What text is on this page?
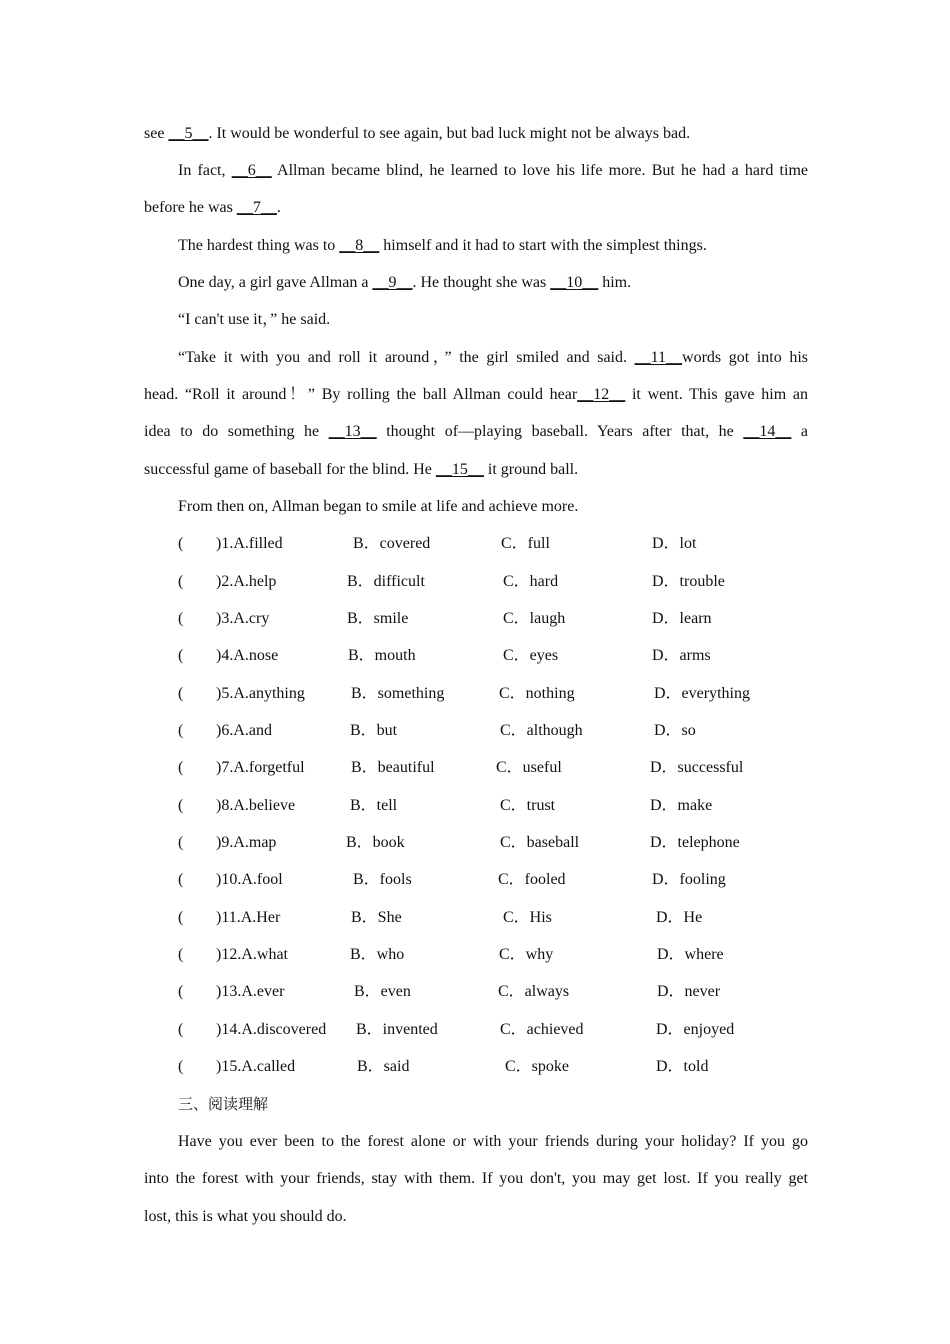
see __5__. It would be wonderful to see again, but bad luck might not be always bad.
In fact, __6__ Allman became blind, he learned to love his life more. But he had a hard time
before he was __7__.
The hardest thing was to __8__ himself and it had to start with the simplest things.
One day, a girl gave Allman a __9__. He thought she was __10__ him.
“I can't use it，” he said.
“Take it with you and roll it around，” the girl smiled and said. __11__words got into his
head. “Roll it around！” By rolling the ball Allman could hear__12__ it went. This gave him an
idea to do something he __13__ thought of—playing baseball. Years after that, he __14__ a
successful game of baseball for the blind. He __15__ it ground ball.
From then on, Allman began to smile at life and achieve more.
( )1.A.filled	B．covered	C．full	D．lot
( )2.A.help	B．difficult	C．hard	D．trouble
( )3.A.cry	B．smile	C．laugh	D．learn
( )4.A.nose	B．mouth	C．eyes	D．arms
( )5.A.anything	B．something	C．nothing	D．everything
( )6.A.and	B．but	C．although	D．so
( )7.A.forgetful	B．beautiful	C．useful	D．successful
( )8.A.believe	B．tell	C．trust	D．make
( )9.A.map	B．book	C．baseball	D．telephone
( )10.A.fool	B．fools	C．fooled	D．fooling
( )11.A.Her	B．She	C．His	D．He
( )12.A.what	B．who	C．why	D．where
( )13.A.ever	B．even	C．always	D．never
( )14.A.discovered B．invented	C．achieved	D．enjoyed
( )15.A.called	B．said	C．spoke	D．told
三、阅读理解
Have you ever been to the forest alone or with your friends during your holiday? If you go
into the forest with your friends, stay with them. If you don't, you may get lost. If you really get
lost, this is what you should do.
